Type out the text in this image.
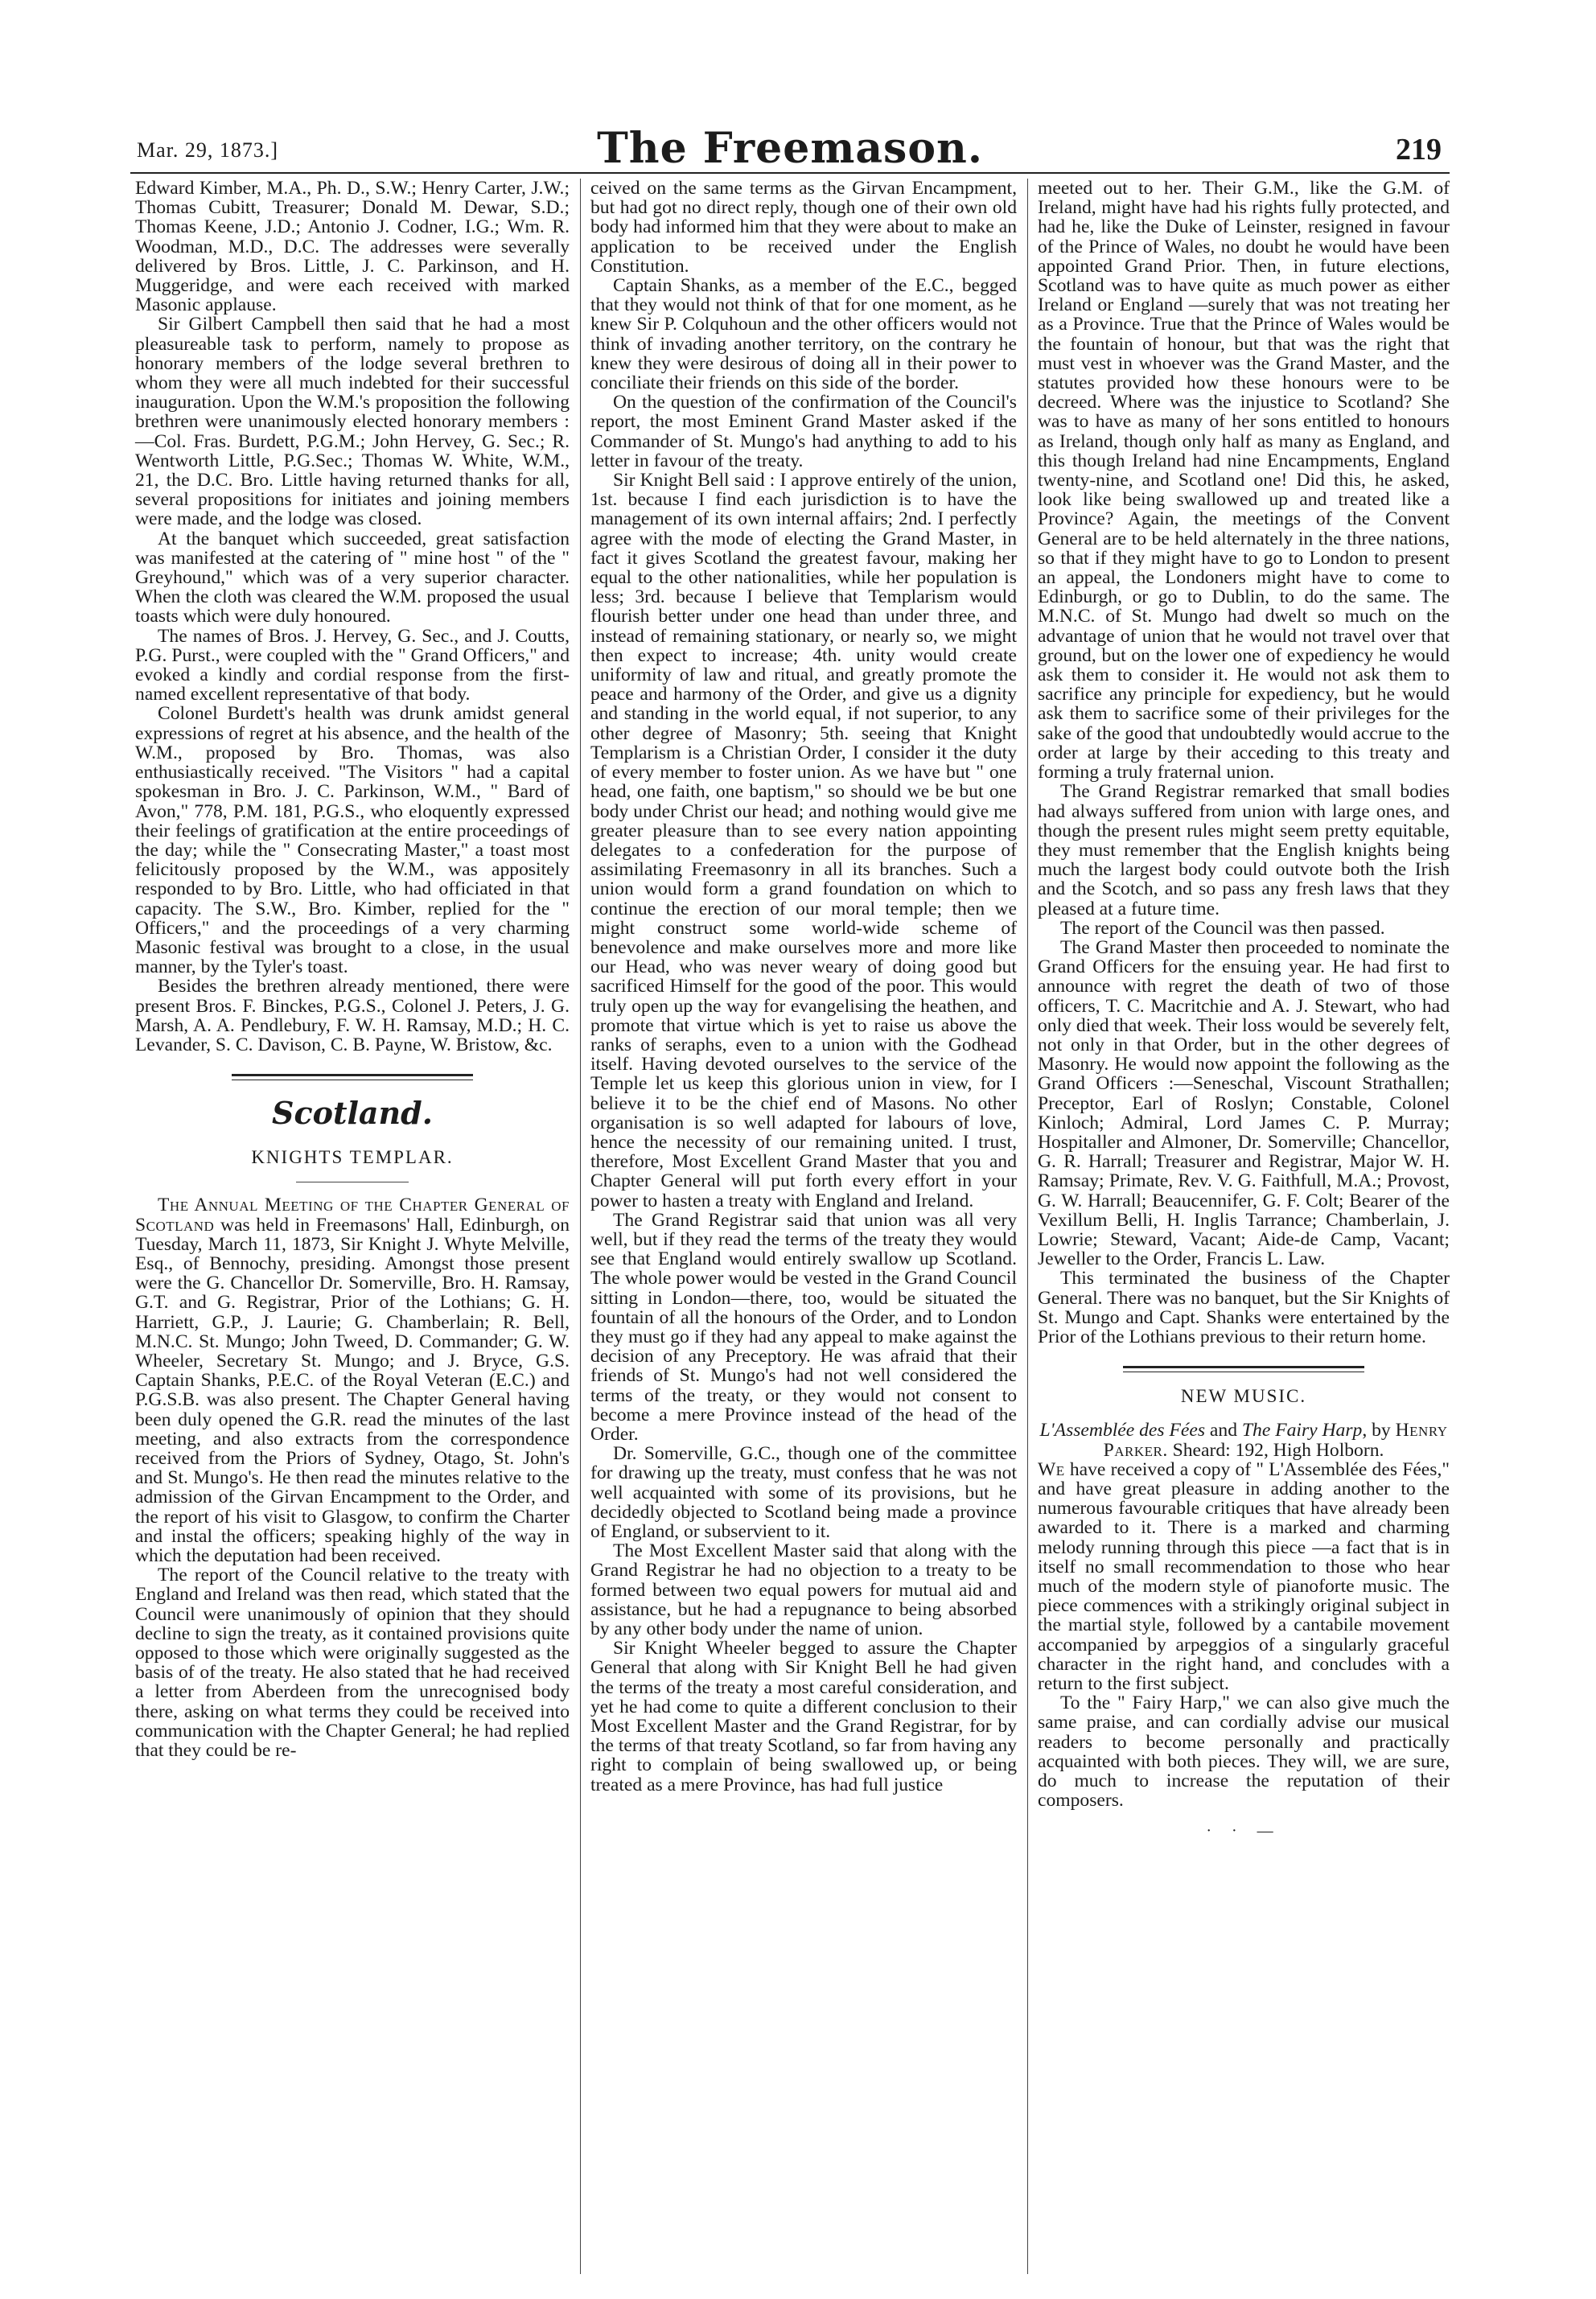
Mar. 29, 1873.]	The Freemason.	219

Edward Kimber, M.A., Ph. D., S.W.; Henry Carter, J.W.; Thomas Cubitt, Treasurer; Donald M. Dewar, S.D.; Thomas Keene, J.D.; Antonio J. Codner, I.G.; Wm. R. Woodman, M.D., D.C. The addresses were severally delivered by Bros. Little, J. C. Parkinson, and H. Muggeridge, and were each received with marked Masonic applause.

Sir Gilbert Campbell then said that he had a most pleasureable task to perform, namely to propose as honorary members of the lodge several brethren to whom they were all much indebted for their successful inauguration. Upon the W.M.'s proposition the following brethren were unanimously elected honorary members :—Col. Fras. Burdett, P.G.M.; John Hervey, G. Sec.; R. Wentworth Little, P.G.Sec.; Thomas W. White, W.M., 21, the D.C. Bro. Little having returned thanks for all, several propositions for initiates and joining members were made, and the lodge was closed.

At the banquet which succeeded, great satisfaction was manifested at the catering of " mine host " of the " Greyhound," which was of a very superior character. When the cloth was cleared the W.M. proposed the usual toasts which were duly honoured.

The names of Bros. J. Hervey, G. Sec., and J. Coutts, P.G. Purst., were coupled with the " Grand Officers," and evoked a kindly and cordial response from the first-named excellent representative of that body.

Colonel Burdett's health was drunk amidst general expressions of regret at his absence, and the health of the W.M., proposed by Bro. Thomas, was also enthusiastically received. "The Visitors " had a capital spokesman in Bro. J. C. Parkinson, W.M., " Bard of Avon," 778, P.M. 181, P.G.S., who eloquently expressed their feelings of gratification at the entire proceedings of the day; while the " Consecrating Master," a toast most felicitously proposed by the W.M., was appositely responded to by Bro. Little, who had officiated in that capacity. The S.W., Bro. Kimber, replied for the " Officers," and the proceedings of a very charming Masonic festival was brought to a close, in the usual manner, by the Tyler's toast.

Besides the brethren already mentioned, there were present Bros. F. Binckes, P.G.S., Colonel J. Peters, J. G. Marsh, A. A. Pendlebury, F. W. H. Ramsay, M.D.; H. C. Levander, S. C. Davison, C. B. Payne, W. Bristow, &c.

Scotland.
KNIGHTS TEMPLAR.

The Annual Meeting of the Chapter General of Scotland was held in Freemasons' Hall, Edinburgh, on Tuesday, March 11, 1873, Sir Knight J. Whyte Melville, Esq., of Bennochy, presiding. Amongst those present were the G. Chancellor Dr. Somerville, Bro. H. Ramsay, G.T. and G. Registrar, Prior of the Lothians; G. H. Harriett, G.P., J. Laurie; G. Chamberlain; R. Bell, M.N.C. St. Mungo; John Tweed, D. Commander; G. W. Wheeler, Secretary St. Mungo; and J. Bryce, G.S. Captain Shanks, P.E.C. of the Royal Veteran (E.C.) and P.G.S.B. was also present. The Chapter General having been duly opened the G.R. read the minutes of the last meeting, and also extracts from the correspondence received from the Priors of Sydney, Otago, St. John's and St. Mungo's. He then read the minutes relative to the admission of the Girvan Encampment to the Order, and the report of his visit to Glasgow, to confirm the Charter and instal the officers; speaking highly of the way in which the deputation had been received.

The report of the Council relative to the treaty with England and Ireland was then read, which stated that the Council were unanimously of opinion that they should decline to sign the treaty, as it contained provisions quite opposed to those which were originally suggested as the basis of of the treaty. He also stated that he had received a letter from Aberdeen from the unrecognised body there, asking on what terms they could be received into communication with the Chapter General; he had replied that they could be re-

ceived on the same terms as the Girvan Encampment, but had got no direct reply, though one of their own old body had informed him that they were about to make an application to be received under the English Constitution.

Captain Shanks, as a member of the E.C., begged that they would not think of that for one moment, as he knew Sir P. Colquhoun and the other officers would not think of invading another territory, on the contrary he knew they were desirous of doing all in their power to conciliate their friends on this side of the border.

On the question of the confirmation of the Council's report, the most Eminent Grand Master asked if the Commander of St. Mungo's had anything to add to his letter in favour of the treaty.

Sir Knight Bell said : I approve entirely of the union, 1st. because I find each jurisdiction is to have the management of its own internal affairs; 2nd. I perfectly agree with the mode of electing the Grand Master, in fact it gives Scotland the greatest favour, making her equal to the other nationalities, while her population is less; 3rd. because I believe that Templarism would flourish better under one head than under three, and instead of remaining stationary, or nearly so, we might then expect to increase; 4th. unity would create uniformity of law and ritual, and greatly promote the peace and harmony of the Order, and give us a dignity and standing in the world equal, if not superior, to any other degree of Masonry; 5th. seeing that Knight Templarism is a Christian Order, I consider it the duty of every member to foster union. As we have but " one head, one faith, one baptism," so should we be but one body under Christ our head; and nothing would give me greater pleasure than to see every nation appointing delegates to a confederation for the purpose of assimilating Freemasonry in all its branches. Such a union would form a grand foundation on which to continue the erection of our moral temple; then we might construct some world-wide scheme of benevolence and make ourselves more and more like our Head, who was never weary of doing good but sacrificed Himself for the good of the poor. This would truly open up the way for evangelising the heathen, and promote that virtue which is yet to raise us above the ranks of seraphs, even to a union with the Godhead itself. Having devoted ourselves to the service of the Temple let us keep this glorious union in view, for I believe it to be the chief end of Masons. No other organisation is so well adapted for labours of love, hence the necessity of our remaining united. I trust, therefore, Most Excellent Grand Master that you and Chapter General will put forth every effort in your power to hasten a treaty with England and Ireland.

The Grand Registrar said that union was all very well, but if they read the terms of the treaty they would see that England would entirely swallow up Scotland. The whole power would be vested in the Grand Council sitting in London—there, too, would be situated the fountain of all the honours of the Order, and to London they must go if they had any appeal to make against the decision of any Preceptory. He was afraid that their friends of St. Mungo's had not well considered the terms of the treaty, or they would not consent to become a mere Province instead of the head of the Order.

Dr. Somerville, G.C., though one of the committee for drawing up the treaty, must confess that he was not well acquainted with some of its provisions, but he decidedly objected to Scotland being made a province of England, or subservient to it.

The Most Excellent Master said that along with the Grand Registrar he had no objection to a treaty to be formed between two equal powers for mutual aid and assistance, but he had a repugnance to being absorbed by any other body under the name of union.

Sir Knight Wheeler begged to assure the Chapter General that along with Sir Knight Bell he had given the terms of the treaty a most careful consideration, and yet he had come to quite a different conclusion to their Most Excellent Master and the Grand Registrar, for by the terms of that treaty Scotland, so far from having any right to complain of being swallowed up, or being treated as a mere Province, has had full justice

meeted out to her. Their G.M., like the G.M. of Ireland, might have had his rights fully protected, and had he, like the Duke of Leinster, resigned in favour of the Prince of Wales, no doubt he would have been appointed Grand Prior. Then, in future elections, Scotland was to have quite as much power as either Ireland or England —surely that was not treating her as a Province. True that the Prince of Wales would be the fountain of honour, but that was the right that must vest in whoever was the Grand Master, and the statutes provided how these honours were to be decreed. Where was the injustice to Scotland? She was to have as many of her sons entitled to honours as Ireland, though only half as many as England, and this though Ireland had nine Encampments, England twenty-nine, and Scotland one! Did this, he asked, look like being swallowed up and treated like a Province? Again, the meetings of the Convent General are to be held alternately in the three nations, so that if they might have to go to London to present an appeal, the Londoners might have to come to Edinburgh, or go to Dublin, to do the same. The M.N.C. of St. Mungo had dwelt so much on the advantage of union that he would not travel over that ground, but on the lower one of expediency he would ask them to consider it. He would not ask them to sacrifice any principle for expediency, but he would ask them to sacrifice some of their privileges for the sake of the good that undoubtedly would accrue to the order at large by their acceding to this treaty and forming a truly fraternal union.

The Grand Registrar remarked that small bodies had always suffered from union with large ones, and though the present rules might seem pretty equitable, they must remember that the English knights being much the largest body could outvote both the Irish and the Scotch, and so pass any fresh laws that they pleased at a future time.

The report of the Council was then passed.

The Grand Master then proceeded to nominate the Grand Officers for the ensuing year. He had first to announce with regret the death of two of those officers, T. C. Macritchie and A. J. Stewart, who had only died that week. Their loss would be severely felt, not only in that Order, but in the other degrees of Masonry. He would now appoint the following as the Grand Officers :—Seneschal, Viscount Strathallen; Preceptor, Earl of Roslyn; Constable, Colonel Kinloch; Admiral, Lord James C. P. Murray; Hospitaller and Almoner, Dr. Somerville; Chancellor, G. R. Harrall; Treasurer and Registrar, Major W. H. Ramsay; Primate, Rev. V. G. Faithfull, M.A.; Provost, G. W. Harrall; Beaucennifer, G. F. Colt; Bearer of the Vexillum Belli, H. Inglis Tarrance; Chamberlain, J. Lowrie; Steward, Vacant; Aide-de Camp, Vacant; Jeweller to the Order, Francis L. Law.

This terminated the business of the Chapter General. There was no banquet, but the Sir Knights of St. Mungo and Capt. Shanks were entertained by the Prior of the Lothians previous to their return home.

NEW MUSIC.

L'Assemblée des Fées and The Fairy Harp, by Henry Parker. Sheard: 192, High Holborn.

We have received a copy of " L'Assemblée des Fées," and have great pleasure in adding another to the numerous favourable critiques that have already been awarded to it. There is a marked and charming melody running through this piece —a fact that is in itself no small recommendation to those who hear much of the modern style of pianoforte music. The piece commences with a strikingly original subject in the martial style, followed by a cantabile movement accompanied by arpeggios of a singularly graceful character in the right hand, and concludes with a return to the first subject.

To the " Fairy Harp," we can also give much the same praise, and can cordially advise our musical readers to become personally and practically acquainted with both pieces. They will, we are sure, do much to increase the reputation of their composers.

· · —
